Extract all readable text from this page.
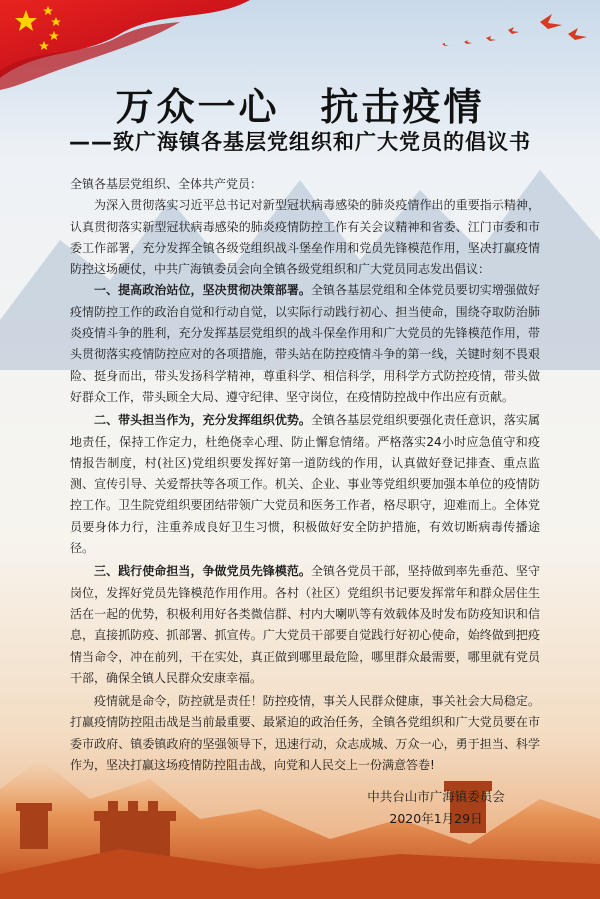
万众一心　抗击疫情
——致广海镇各基层党组织和广大党员的倡议书

全镇各基层党组织、全体共产党员：

为深入贯彻落实习近平总书记对新型冠状病毒感染的肺炎疫情作出的重要指示精神，认真贯彻落实新型冠状病毒感染的肺炎疫情防控工作有关会议精神和省委、江门市委和市委工作部署，充分发挥全镇各级党组织战斗堡垒作用和党员先锋模范作用，坚决打赢疫情防控这场硬仗，中共广海镇委员会向全镇各级党组织和广大党员同志发出倡议：

一、提高政治站位，坚决贯彻决策部署。全镇各基层党组和全体党员要切实增强做好疫情防控工作的政治自觉和行动自觉，以实际行动践行初心、担当使命，围绕夺取防治肺炎疫情斗争的胜利，充分发挥基层党组织的战斗保垒作用和广大党员的先锋模范作用，带头贯彻落实疫情防控应对的各项措施，带头站在防控疫情斗争的第一线，关键时刻不畏艰险、挺身而出，带头发扬科学精神，尊重科学、相信科学，用科学方式防控疫情，带头做好群众工作，带头顾全大局、遵守纪律、坚守岗位，在疫情防控战中作出应有贡献。

二、带头担当作为，充分发挥组织优势。全镇各基层党组织要强化责任意识，落实属地责任，保持工作定力，杜绝侥幸心理、防止懈怠情绪。严格落实24小时应急值守和疫情报告制度，村(社区)党组织要发挥好第一道防线的作用，认真做好登记排查、重点监测、宣传引导、关爱帮扶等各项工作。机关、企业、事业等党组织要加强本单位的疫情防控工作。卫生院党组织要团结带领广大党员和医务工作者，格尽职守，迎难而上。全体党员要身体力行，注重养成良好卫生习惯，积极做好安全防护措施，有效切断病毒传播途径。

三、践行使命担当，争做党员先锋模范。全镇各党员干部，坚持做到率先垂范、坚守岗位，发挥好党员先锋模范作用作用。各村（社区）党组织书记要发挥常年和群众居住生活在一起的优势，积极利用好各类微信群、村内大喇叭等有效载体及时发布防疫知识和信息，直接抓防疫、抓部署、抓宣传。广大党员干部要自觉践行好初心使命，始终做到把疫情当命令，冲在前列，干在实处，真正做到哪里最危险，哪里群众最需要，哪里就有党员干部，确保全镇人民群众安康幸福。

疫情就是命令，防控就是责任！防控疫情，事关人民群众健康，事关社会大局稳定。打赢疫情防控阻击战是当前最重要、最紧迫的政治任务，全镇各党组织和广大党员要在市委市政府、镇委镇政府的坚强领导下，迅速行动，众志成城、万众一心，勇于担当、科学作为，坚决打赢这场疫情防控阻击战，向党和人民交上一份满意答卷!

中共台山市广海镇委员会
2020年1月29日
